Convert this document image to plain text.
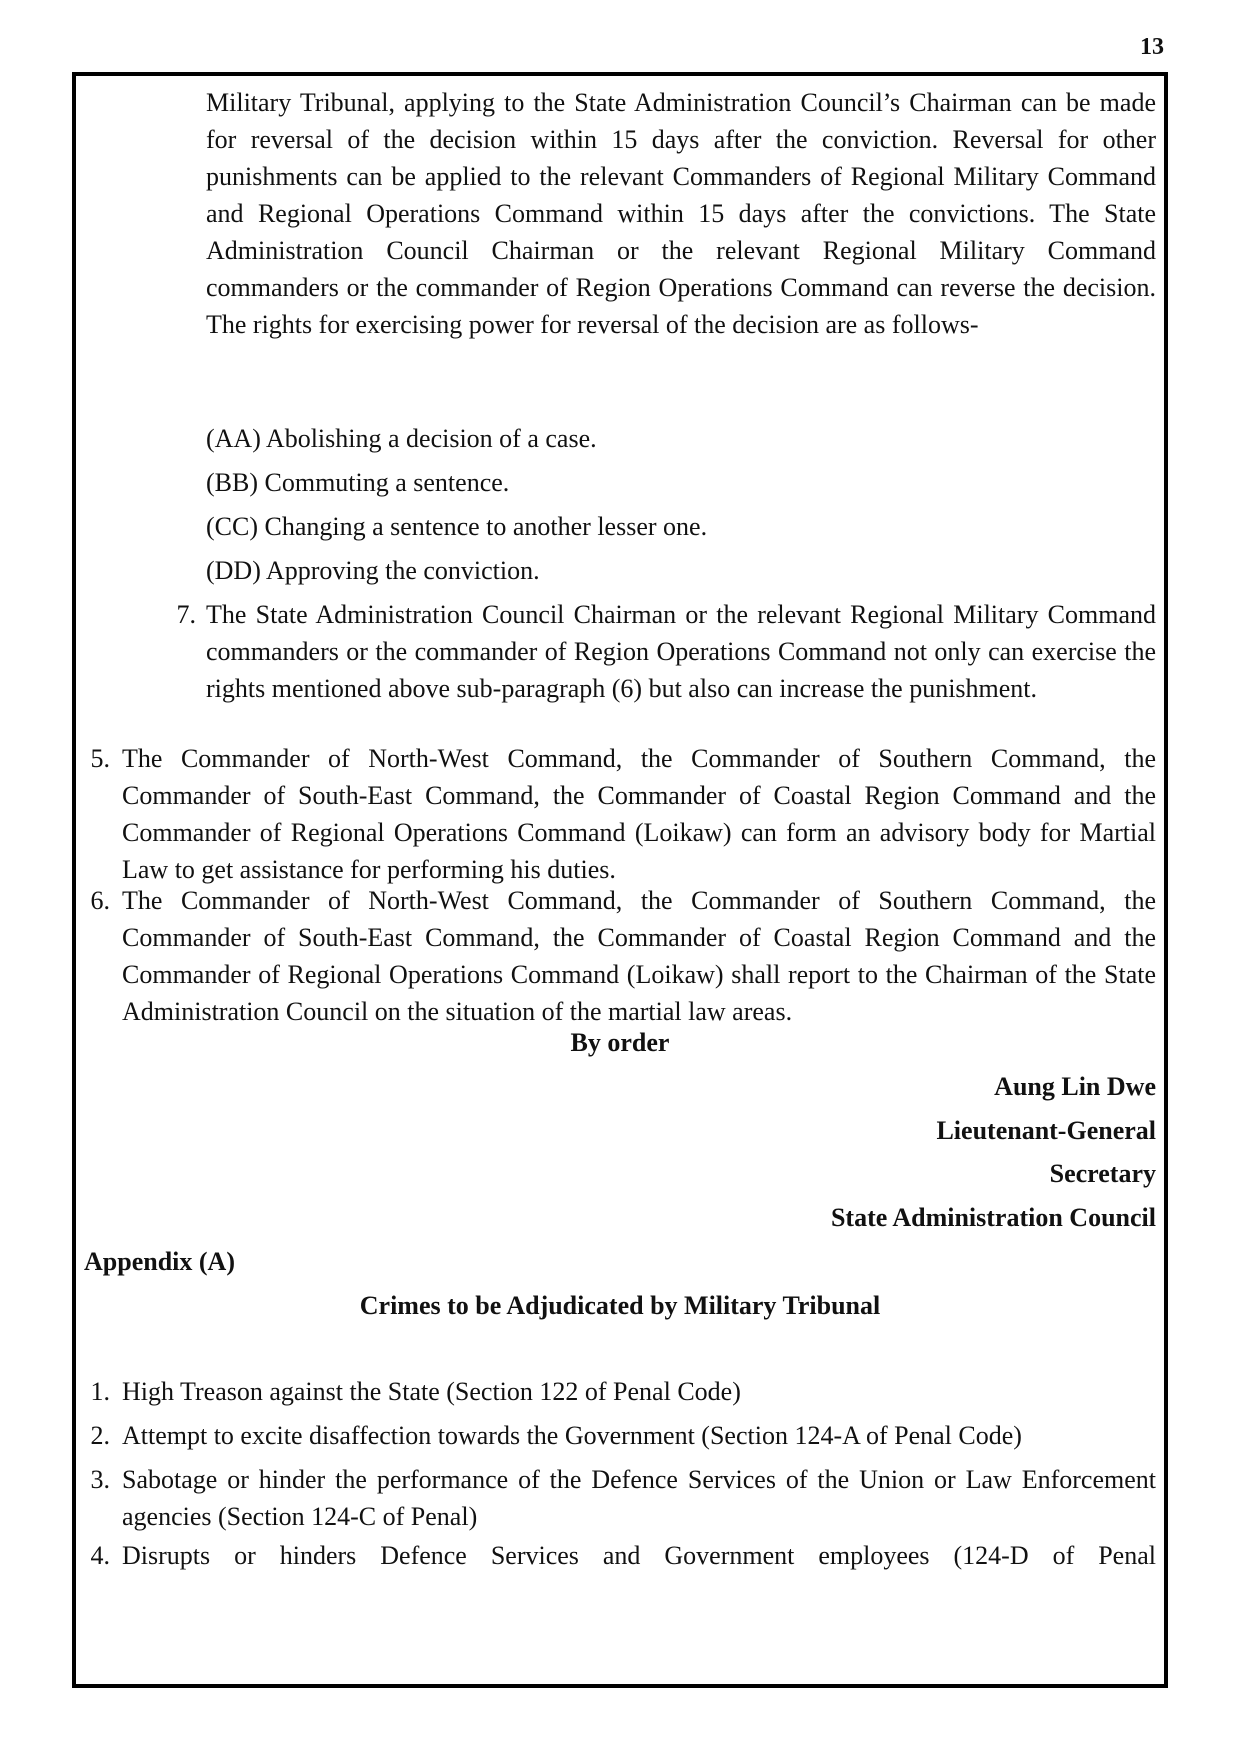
13

Military Tribunal, applying to the State Administration Council’s Chairman can be made for reversal of the decision within 15 days after the conviction. Reversal for other punishments can be applied to the relevant Commanders of Regional Military Command and Regional Operations Command within 15 days after the convictions. The State Administration Council Chairman or the relevant Regional Military Command commanders or the commander of Region Operations Command can reverse the decision. The rights for exercising power for reversal of the decision are as follows-

(AA) Abolishing a decision of a case.

(BB) Commuting a sentence.

(CC) Changing a sentence to another lesser one.

(DD) Approving the conviction.

7. The State Administration Council Chairman or the relevant Regional Military Command commanders or the commander of Region Operations Command not only can exercise the rights mentioned above sub-paragraph (6) but also can increase the punishment.

5. The Commander of North-West Command, the Commander of Southern Command, the Commander of South-East Command, the Commander of Coastal Region Command and the Commander of Regional Operations Command (Loikaw) can form an advisory body for Martial Law to get assistance for performing his duties.

6. The Commander of North-West Command, the Commander of Southern Command, the Commander of South-East Command, the Commander of Coastal Region Command and the Commander of Regional Operations Command (Loikaw) shall report to the Chairman of the State Administration Council on the situation of the martial law areas.

By order

Aung Lin Dwe

Lieutenant-General

Secretary

State Administration Council

Appendix (A)

Crimes to be Adjudicated by Military Tribunal

1. High Treason against the State (Section 122 of Penal Code)

2. Attempt to excite disaffection towards the Government (Section 124-A of Penal Code)

3. Sabotage or hinder the performance of the Defence Services of the Union or Law Enforcement agencies (Section 124-C of Penal)

4. Disrupts or hinders Defence Services and Government employees (124-D of Penal
